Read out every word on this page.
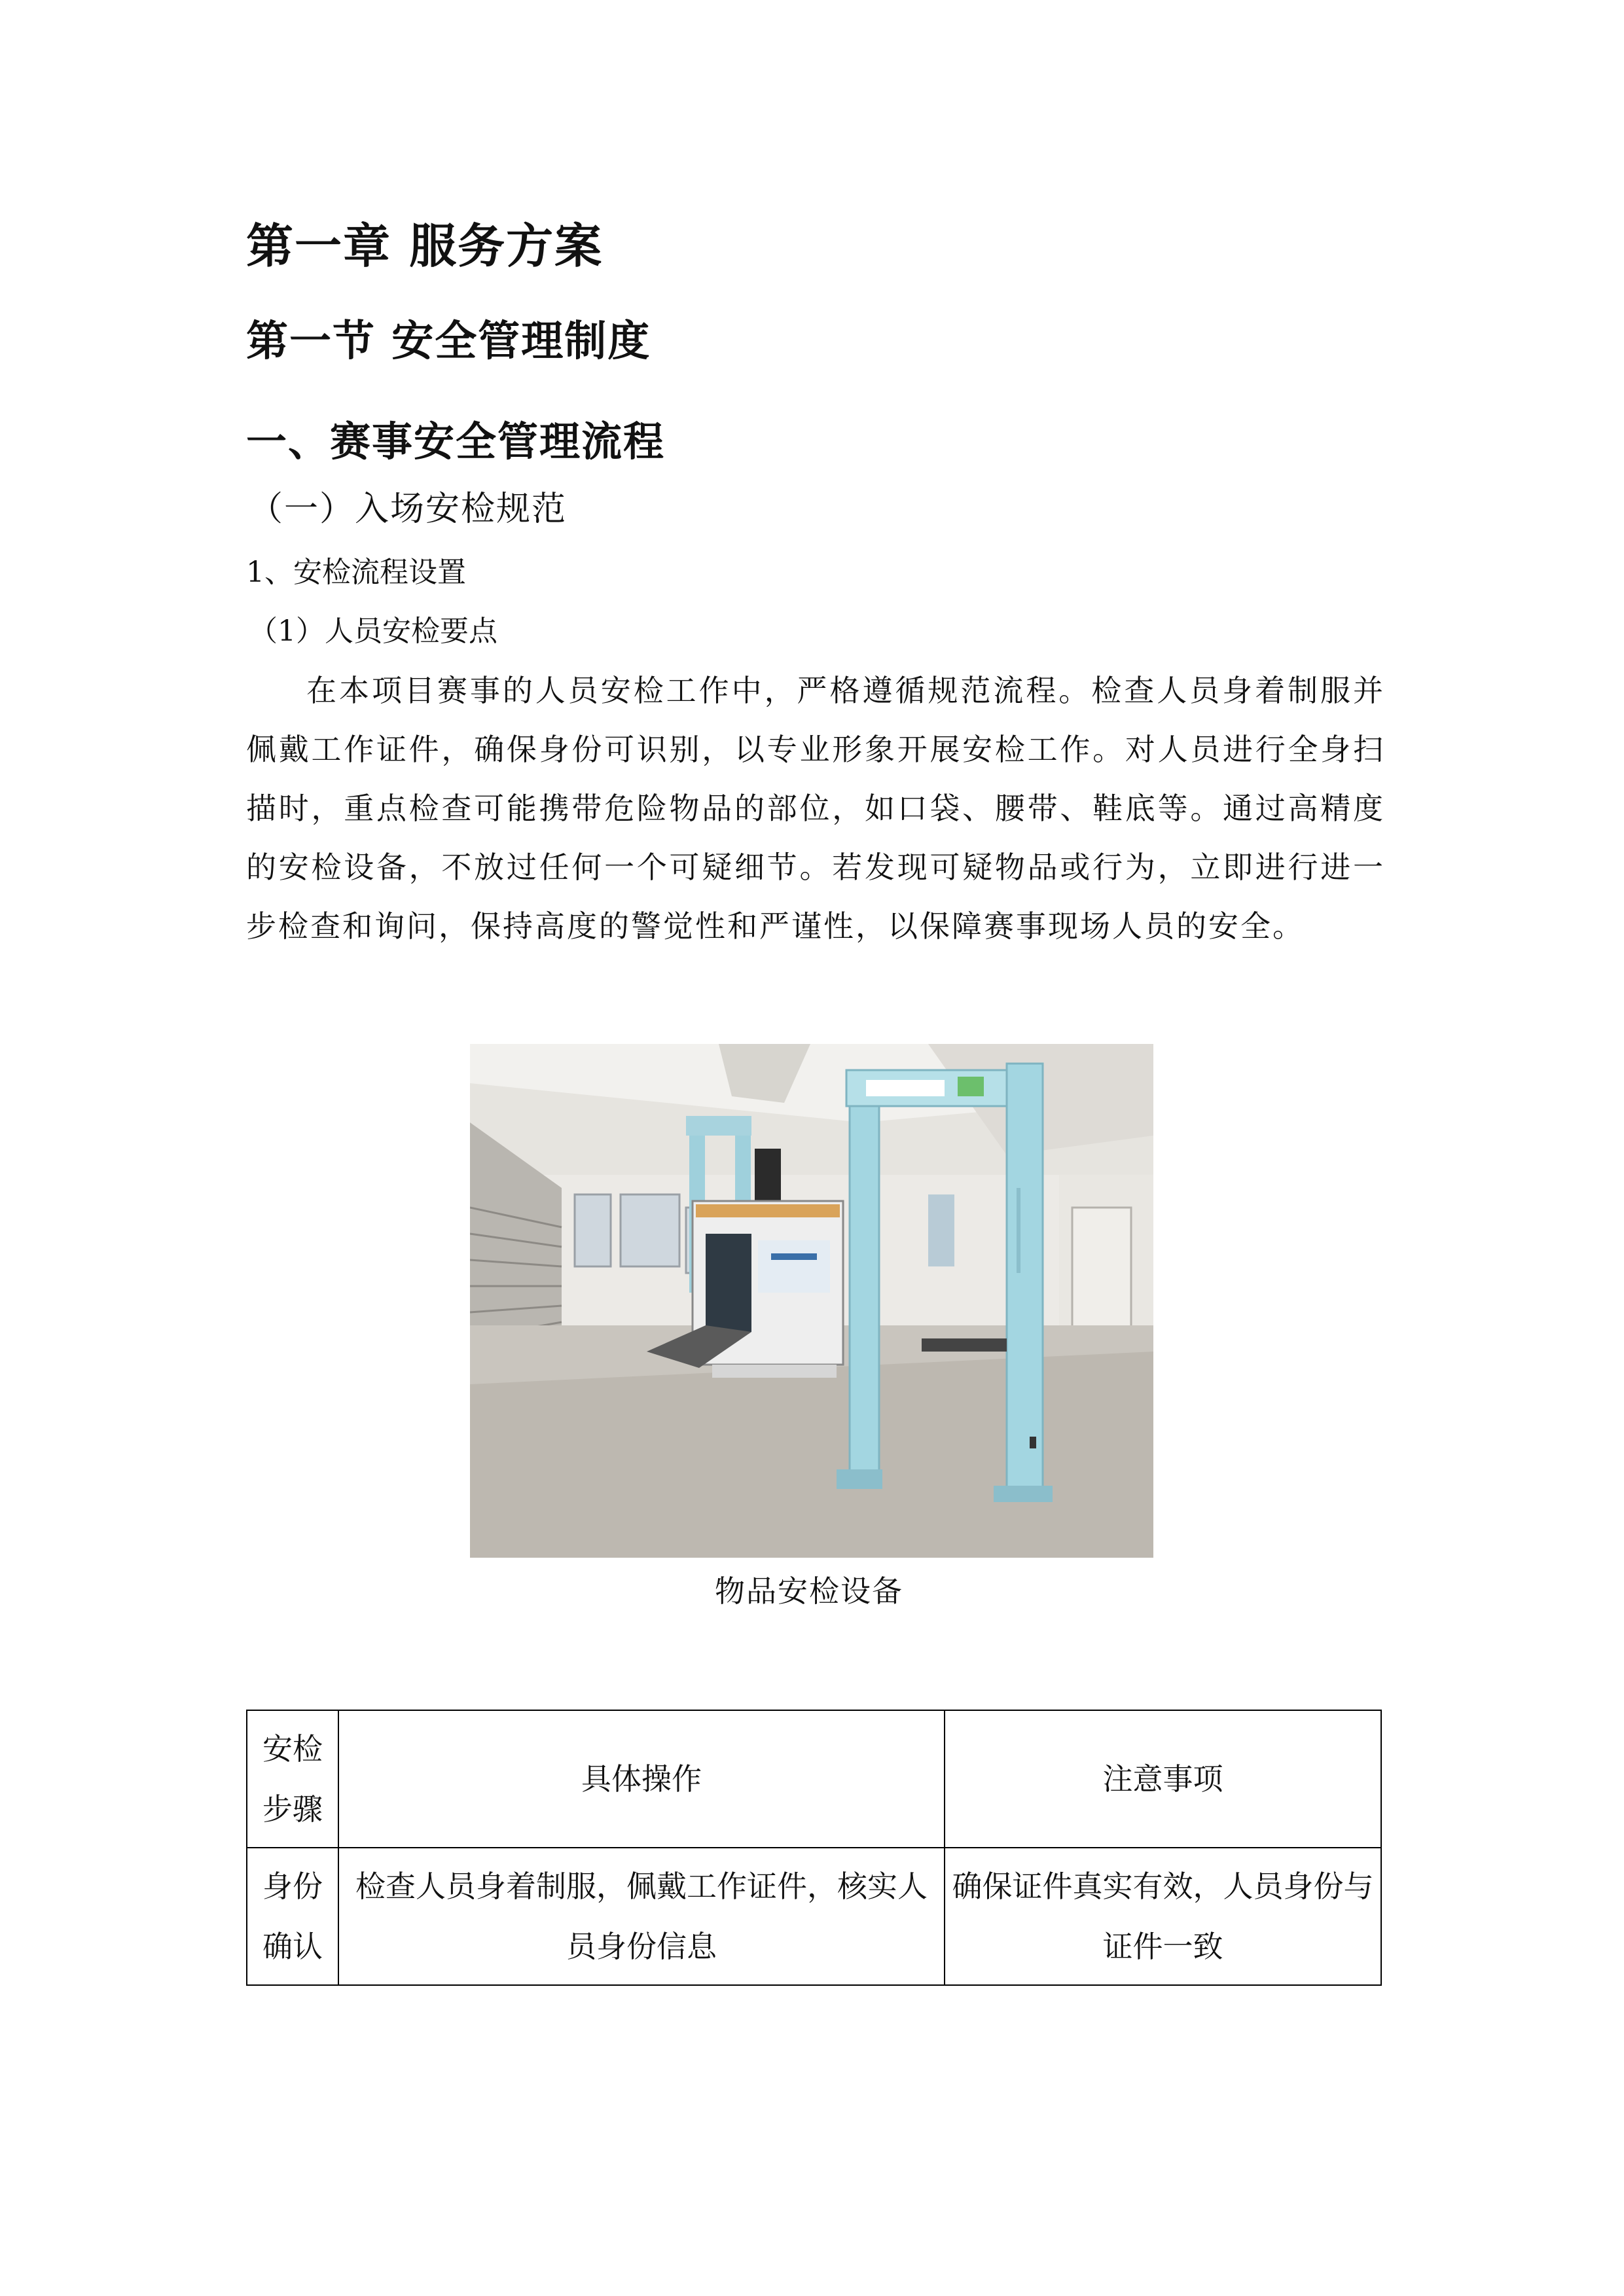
第一章 服务方案
第一节 安全管理制度
一、赛事安全管理流程
（一）入场安检规范
1、安检流程设置
（1）人员安检要点
在本项目赛事的人员安检工作中，严格遵循规范流程。检查人员身着制服并佩戴工作证件，确保身份可识别，以专业形象开展安检工作。对人员进行全身扫描时，重点检查可能携带危险物品的部位，如口袋、腰带、鞋底等。通过高精度的安检设备，不放过任何一个可疑细节。若发现可疑物品或行为，立即进行进一步检查和询问，保持高度的警觉性和严谨性，以保障赛事现场人员的安全。
物品安检设备
安检步骤	具体操作	注意事项
身份确认	检查人员身着制服，佩戴工作证件，核实人员身份信息	确保证件真实有效，人员身份与证件一致
